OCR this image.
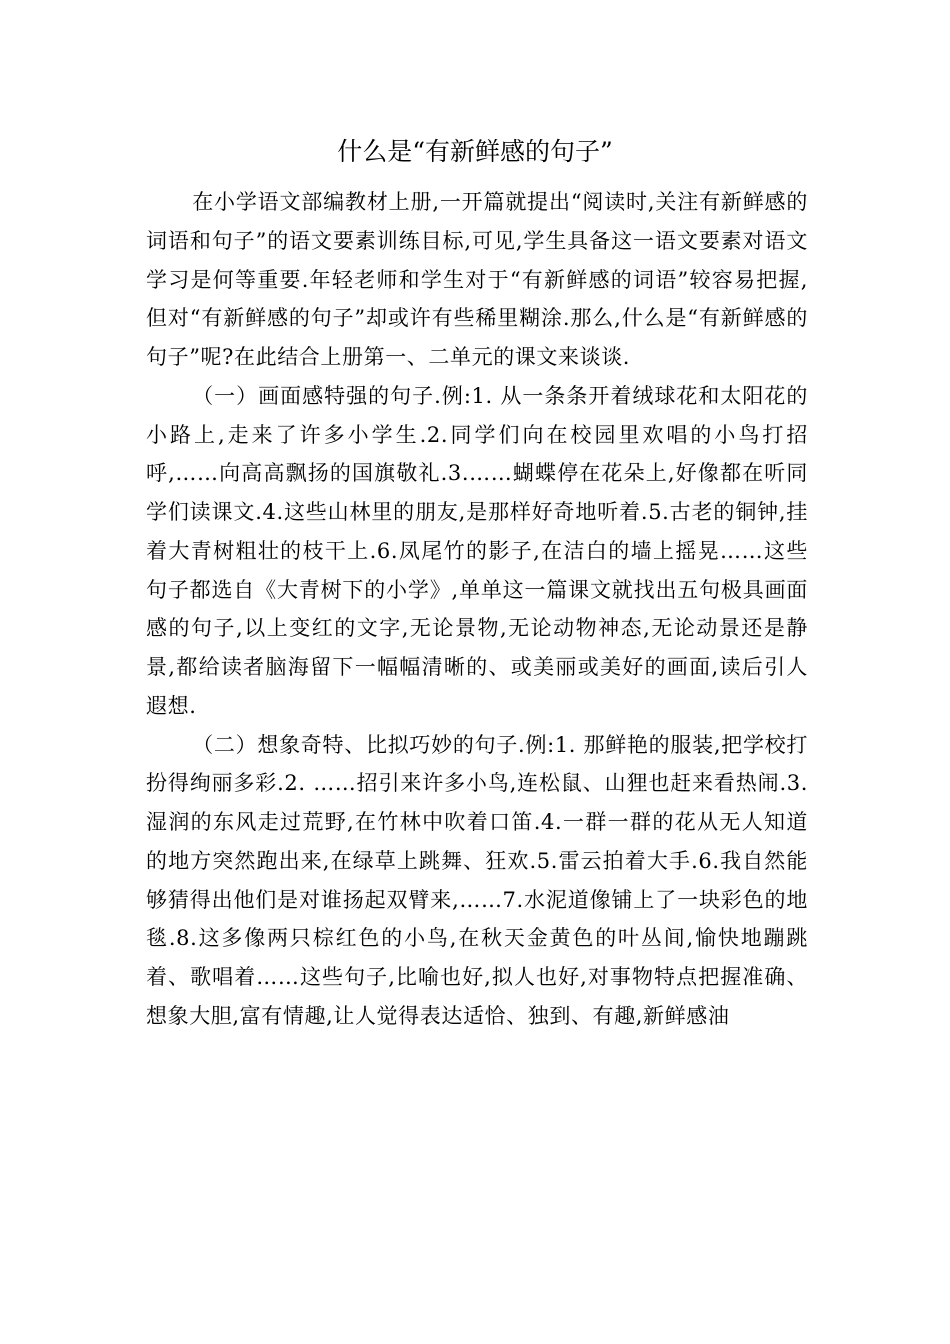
什么是“有新鲜感的句子”

在小学语文部编教材上册,一开篇就提出“阅读时,关注有新鲜感的词语和句子”的语文要素训练目标,可见,学生具备这一语文要素对语文学习是何等重要.年轻老师和学生对于“有新鲜感的词语”较容易把握,但对“有新鲜感的句子”却或许有些稀里糊涂.那么,什么是“有新鲜感的句子”呢?在此结合上册第一、二单元的课文来谈谈.

（一）画面感特强的句子.例:1. 从一条条开着绒球花和太阳花的小路上,走来了许多小学生.2.同学们向在校园里欢唱的小鸟打招呼,……向高高飘扬的国旗敬礼.3.……蝴蝶停在花朵上,好像都在听同学们读课文.4.这些山林里的朋友,是那样好奇地听着.5.古老的铜钟,挂着大青树粗壮的枝干上.6.凤尾竹的影子,在洁白的墙上摇晃……这些句子都选自《大青树下的小学》,单单这一篇课文就找出五句极具画面感的句子,以上变红的文字,无论景物,无论动物神态,无论动景还是静景,都给读者脑海留下一幅幅清晰的、或美丽或美好的画面,读后引人遐想.

（二）想象奇特、比拟巧妙的句子.例:1. 那鲜艳的服装,把学校打扮得绚丽多彩.2. ……招引来许多小鸟,连松鼠、山狸也赶来看热闹.3. 湿润的东风走过荒野,在竹林中吹着口笛.4.一群一群的花从无人知道的地方突然跑出来,在绿草上跳舞、狂欢.5.雷云拍着大手.6.我自然能够猜得出他们是对谁扬起双臂来,……7.水泥道像铺上了一块彩色的地毯.8.这多像两只棕红色的小鸟,在秋天金黄色的叶丛间,愉快地蹦跳着、歌唱着……这些句子,比喻也好,拟人也好,对事物特点把握准确、想象大胆,富有情趣,让人觉得表达适恰、独到、有趣,新鲜感油
